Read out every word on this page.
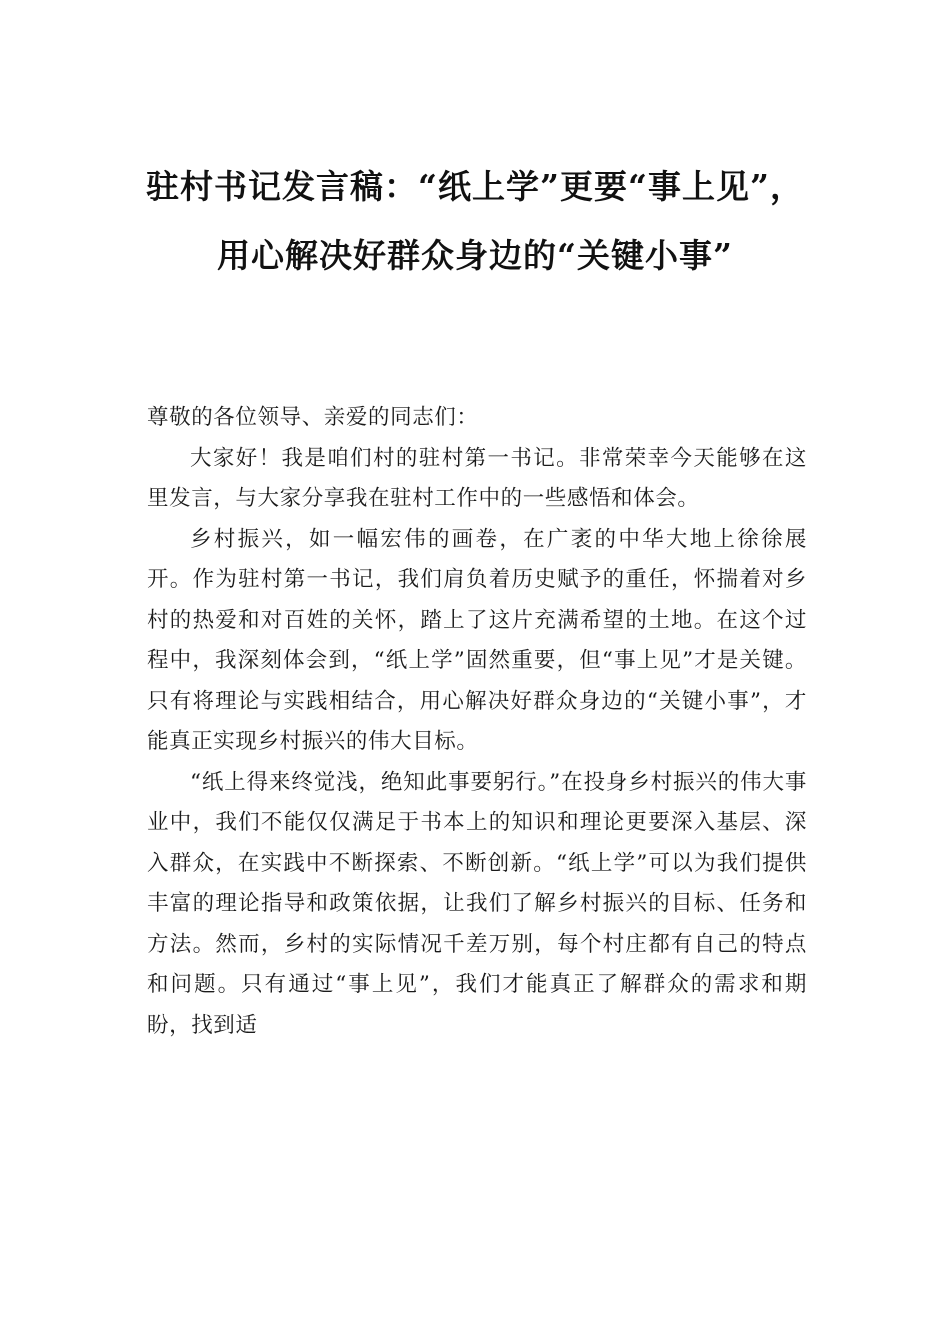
驻村书记发言稿：“纸上学”更要“事上见”，用心解决好群众身边的“关键小事”

尊敬的各位领导、亲爱的同志们：

大家好！我是咱们村的驻村第一书记。非常荣幸今天能够在这里发言，与大家分享我在驻村工作中的一些感悟和体会。

乡村振兴，如一幅宏伟的画卷，在广袤的中华大地上徐徐展开。作为驻村第一书记，我们肩负着历史赋予的重任，怀揣着对乡村的热爱和对百姓的关怀，踏上了这片充满希望的土地。在这个过程中，我深刻体会到，“纸上学”固然重要，但“事上见”才是关键。只有将理论与实践相结合，用心解决好群众身边的“关键小事”，才能真正实现乡村振兴的伟大目标。

“纸上得来终觉浅，绝知此事要躬行。”在投身乡村振兴的伟大事业中，我们不能仅仅满足于书本上的知识和理论更要深入基层、深入群众，在实践中不断探索、不断创新。“纸上学”可以为我们提供丰富的理论指导和政策依据，让我们了解乡村振兴的目标、任务和方法。然而，乡村的实际情况千差万别，每个村庄都有自己的特点和问题。只有通过“事上见”，我们才能真正了解群众的需求和期盼，找到适
